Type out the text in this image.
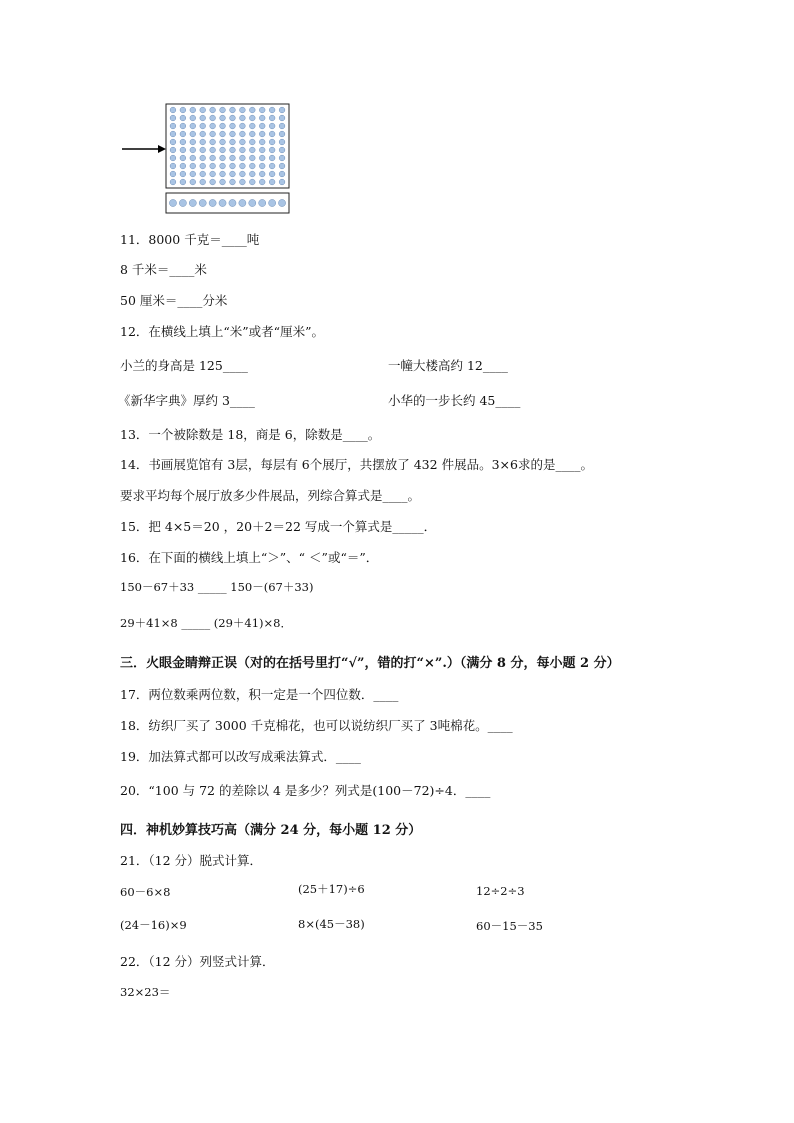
11．8000 千克＝____吨
8 千米＝____米
50 厘米＝____分米
12．在横线上填上“米”或者“厘米”。
小兰的身高是 125____	一幢大楼高约 12____
《新华字典》厚约 3____	小华的一步长约 45____
13．一个被除数是 18，商是 6，除数是____。
14．书画展览馆有 3层，每层有 6个展厅，共摆放了 432 件展品。3×6求的是____。
要求平均每个展厅放多少件展品，列综合算式是____。
15．把 4×5＝20 ，20＋2＝22 写成一个算式是_____．
16．在下面的横线上填上“＞”、“ ＜”或“＝”．
150－67＋33 _____ 150－(67＋33)
29＋41×8 _____ (29＋41)×8．
三．火眼金睛辩正误（对的在括号里打“√”，错的打“×”.）（满分 8 分，每小题 2 分）
17．两位数乘两位数，积一定是一个四位数．____
18．纺织厂买了 3000 千克棉花，也可以说纺织厂买了 3吨棉花。____
19．加法算式都可以改写成乘法算式．____
20．“100 与 72 的差除以 4 是多少？列式是(100－72)÷4．____
四．神机妙算技巧高（满分 24 分，每小题 12 分）
21．（12 分）脱式计算．
60－6×8	(25＋17)÷6	12÷2÷3
(24－16)×9	8×(45－38)	60－15－35
22．（12 分）列竖式计算．
32×23＝
